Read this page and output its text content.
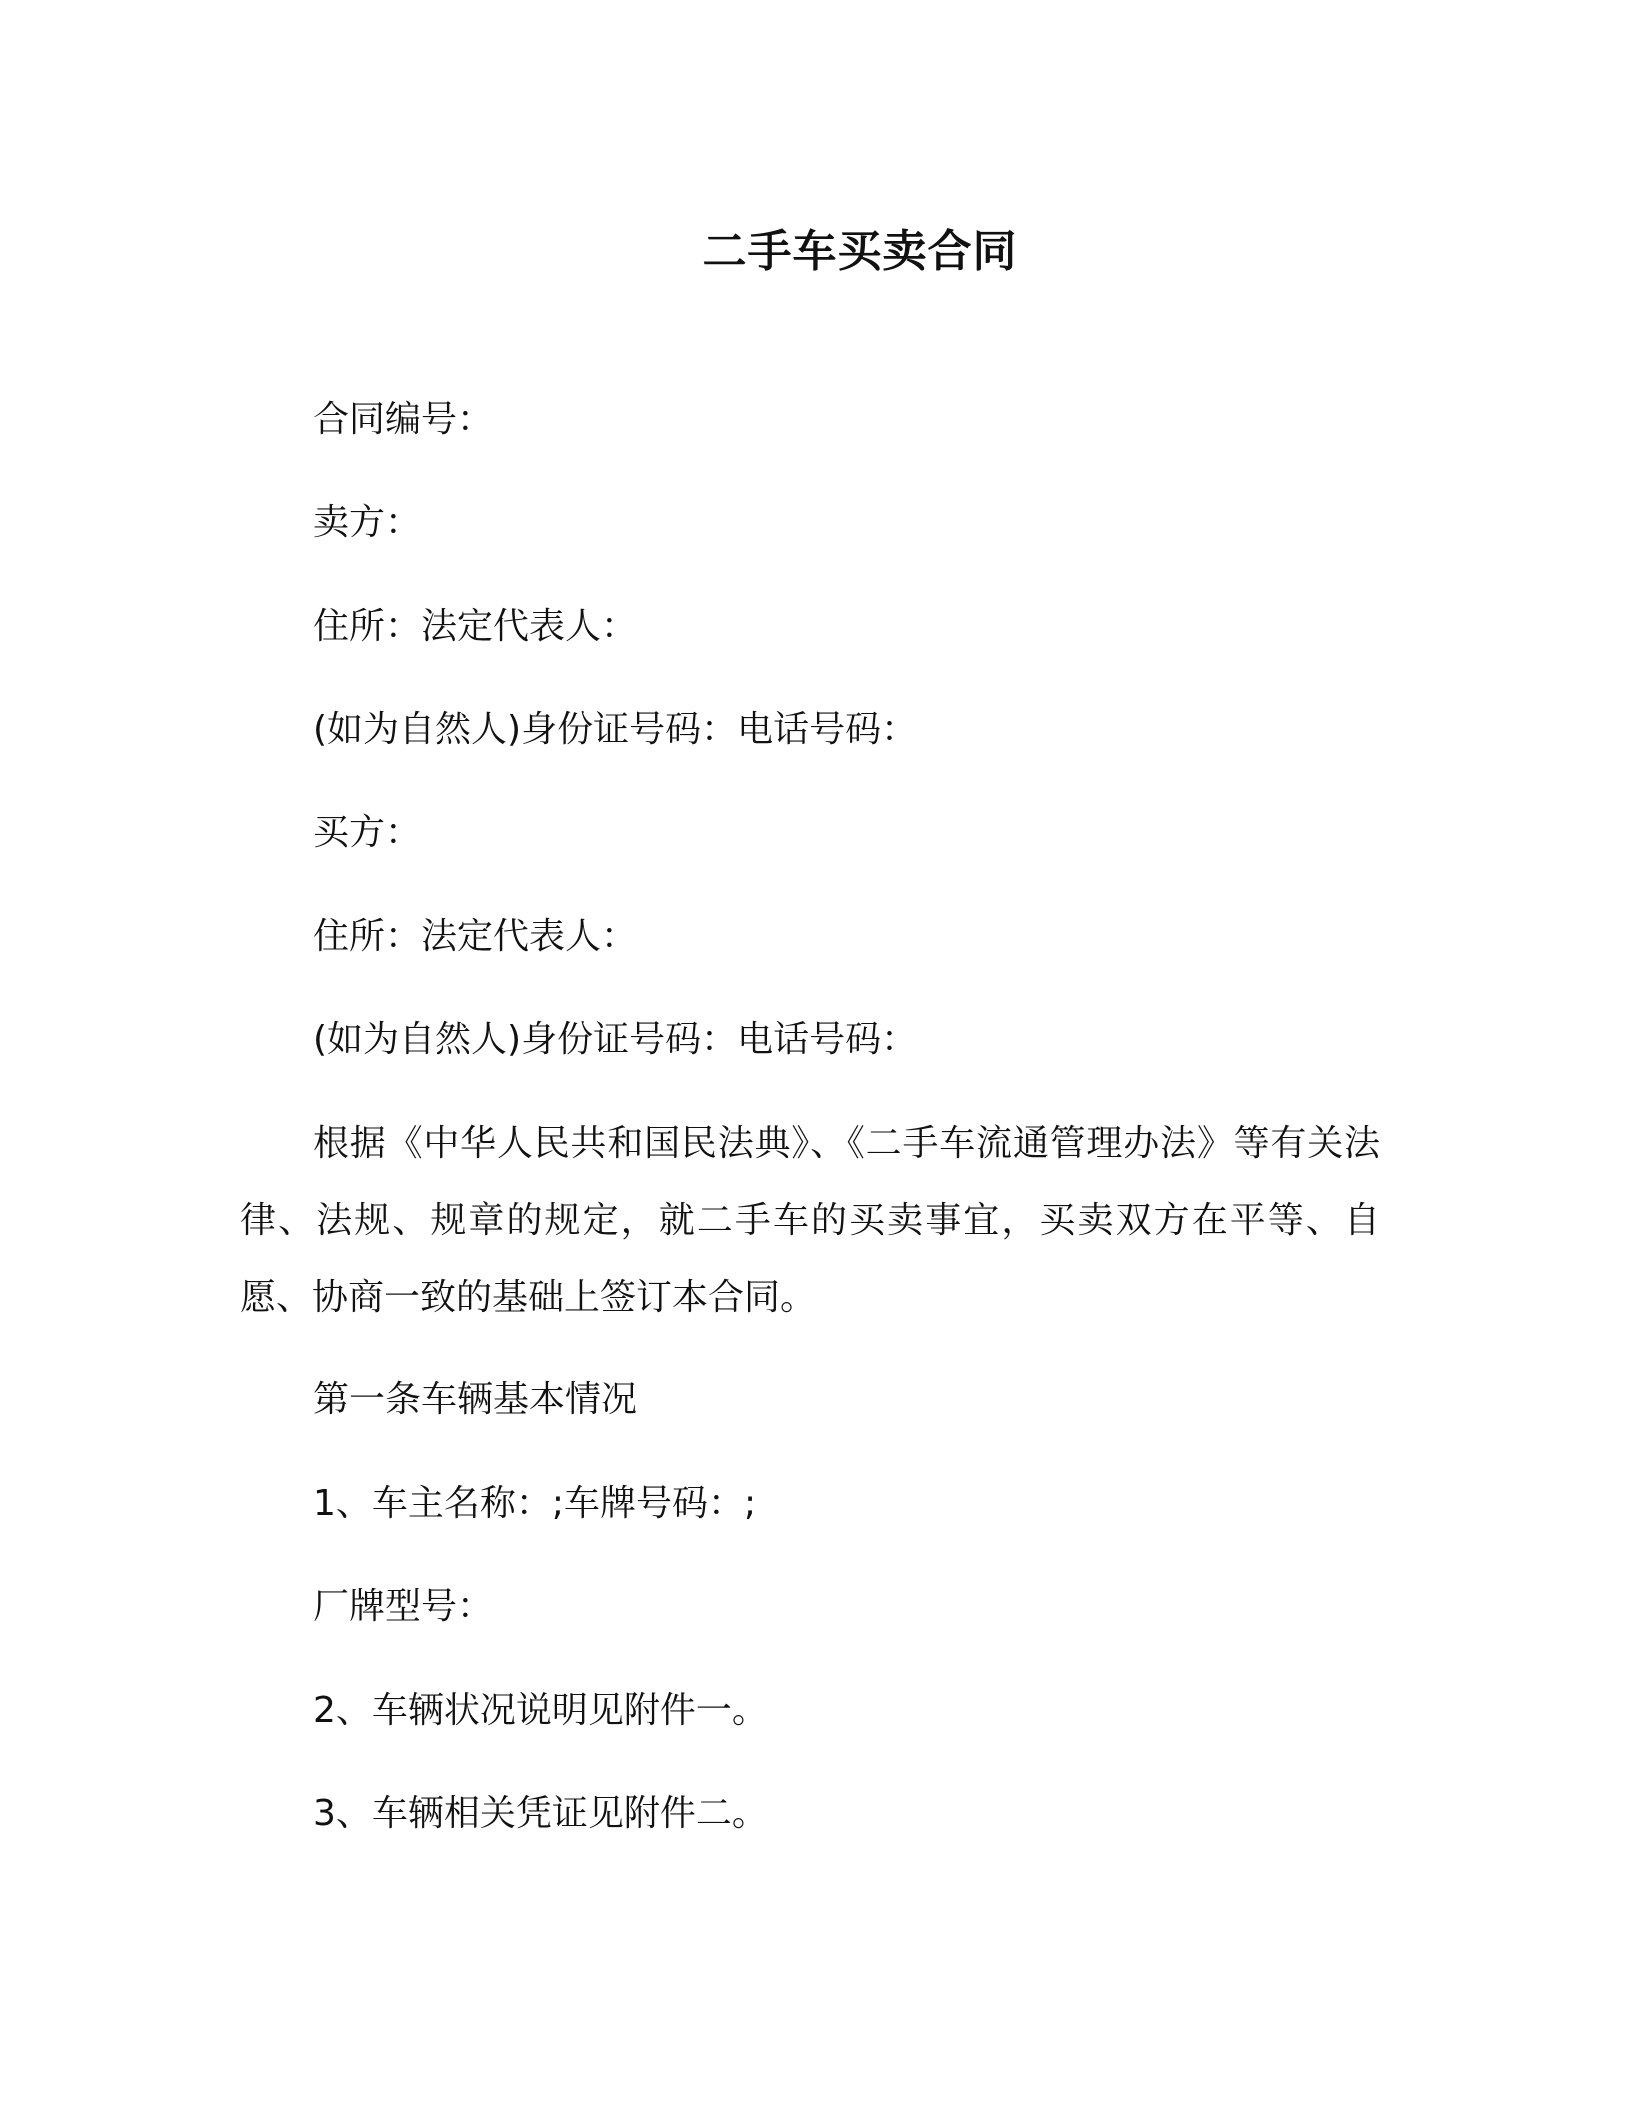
二手车买卖合同
合同编号：
卖方：
住所：法定代表人：
(如为自然人)身份证号码：电话号码：
买方：
住所：法定代表人：
(如为自然人)身份证号码：电话号码：
根据《中华人民共和国民法典》、《二手车流通管理办法》等有关法律、法规、规章的规定，就二手车的买卖事宜，买卖双方在平等、自愿、协商一致的基础上签订本合同。
第一条车辆基本情况
1、车主名称：;车牌号码：;
厂牌型号：
2、车辆状况说明见附件一。
3、车辆相关凭证见附件二。
